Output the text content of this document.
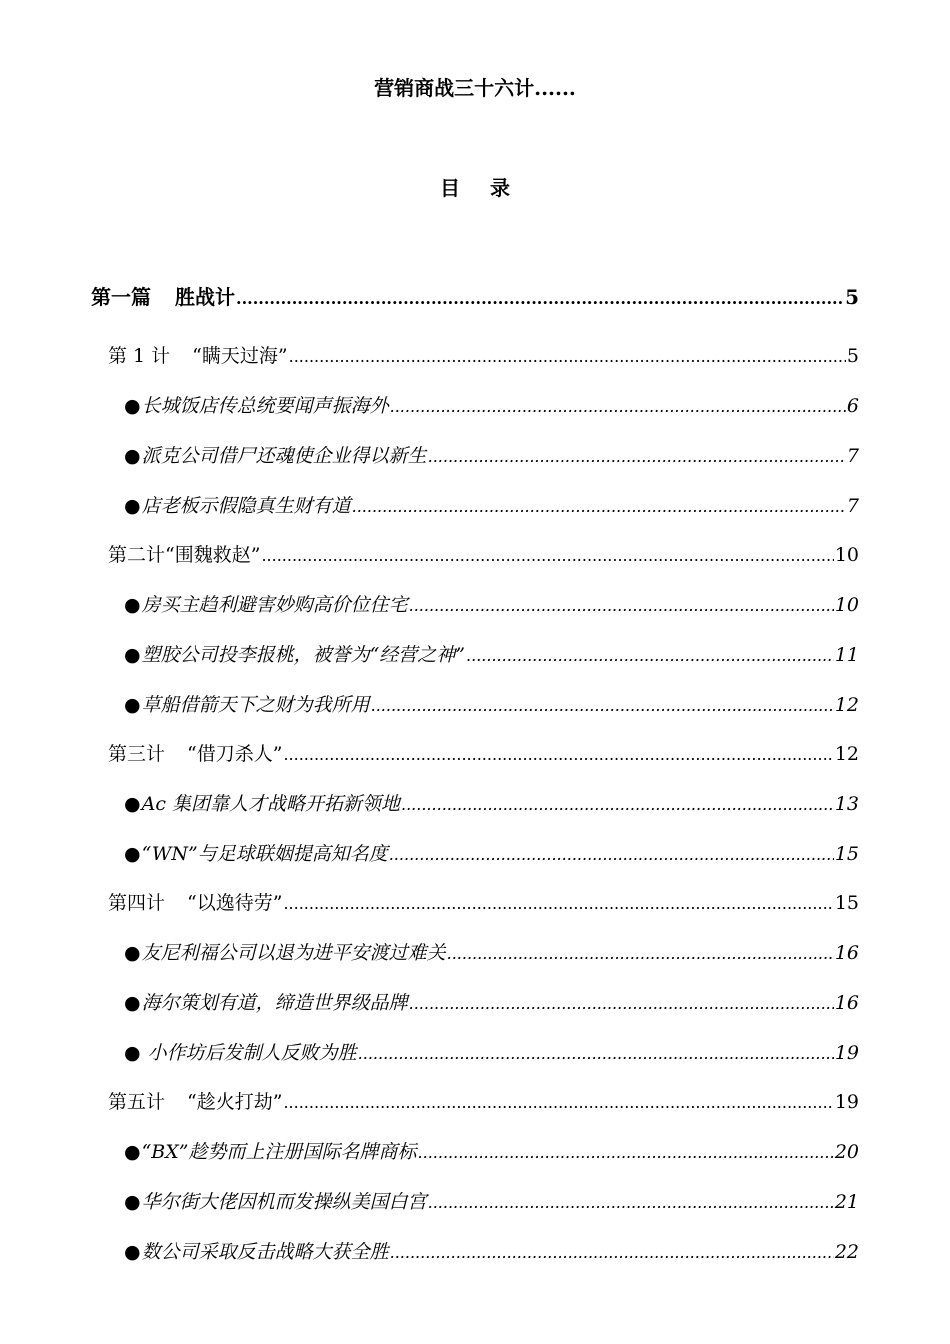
营销商战三十六计......
目 录
第一篇 胜战计 .....	5
第 1 计 “瞒天过海” .....	5
●长城饭店传总统要闻声振海外 .....	6
●派克公司借尸还魂使企业得以新生 .....	7
●店老板示假隐真生财有道 .....	7
第二计“围魏救赵” .....	10
●房买主趋利避害妙购高价位住宅 .....	10
●塑胶公司投李报桃，被誉为“经营之神” .....	11
●草船借箭天下之财为我所用 .....	12
第三计 “借刀杀人” .....	12
●Ac 集团靠人才战略开拓新领地 .....	13
●“WN”与足球联姻提高知名度 .....	15
第四计 “以逸待劳” .....	15
●友尼利福公司以退为进平安渡过难关 .....	16
●海尔策划有道，缔造世界级品牌 .....	16
● 小作坊后发制人反败为胜 .....	19
第五计 “趁火打劫” .....	19
●“BX”趁势而上注册国际名牌商标 .....	20
●华尔街大佬因机而发操纵美国白宫 .....	21
●数公司采取反击战略大获全胜 .....	22
